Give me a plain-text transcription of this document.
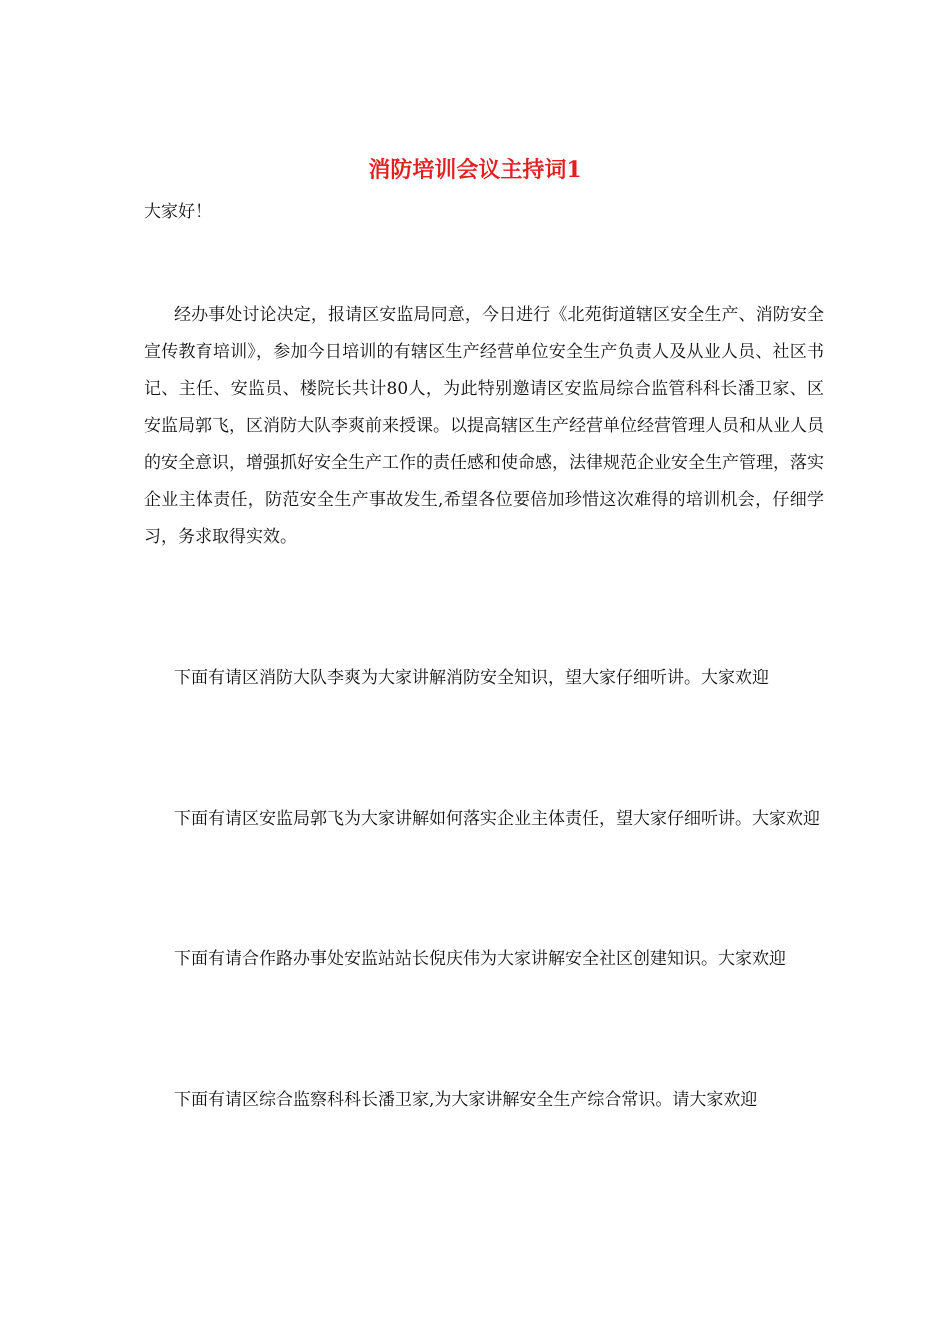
消防培训会议主持词1

大家好！

经办事处讨论决定，报请区安监局同意，今日进行《北苑街道辖区安全生产、消防安全宣传教育培训》，参加今日培训的有辖区生产经营单位安全生产负责人及从业人员、社区书记、主任、安监员、楼院长共计80人，为此特别邀请区安监局综合监管科科长潘卫家、区安监局郭飞，区消防大队李爽前来授课。以提高辖区生产经营单位经营管理人员和从业人员的安全意识，增强抓好安全生产工作的责任感和使命感，法律规范企业安全生产管理，落实企业主体责任，防范安全生产事故发生,希望各位要倍加珍惜这次难得的培训机会，仔细学习，务求取得实效。

下面有请区消防大队李爽为大家讲解消防安全知识，望大家仔细听讲。大家欢迎

下面有请区安监局郭飞为大家讲解如何落实企业主体责任，望大家仔细听讲。大家欢迎

下面有请合作路办事处安监站站长倪庆伟为大家讲解安全社区创建知识。大家欢迎

下面有请区综合监察科科长潘卫家,为大家讲解安全生产综合常识。请大家欢迎
